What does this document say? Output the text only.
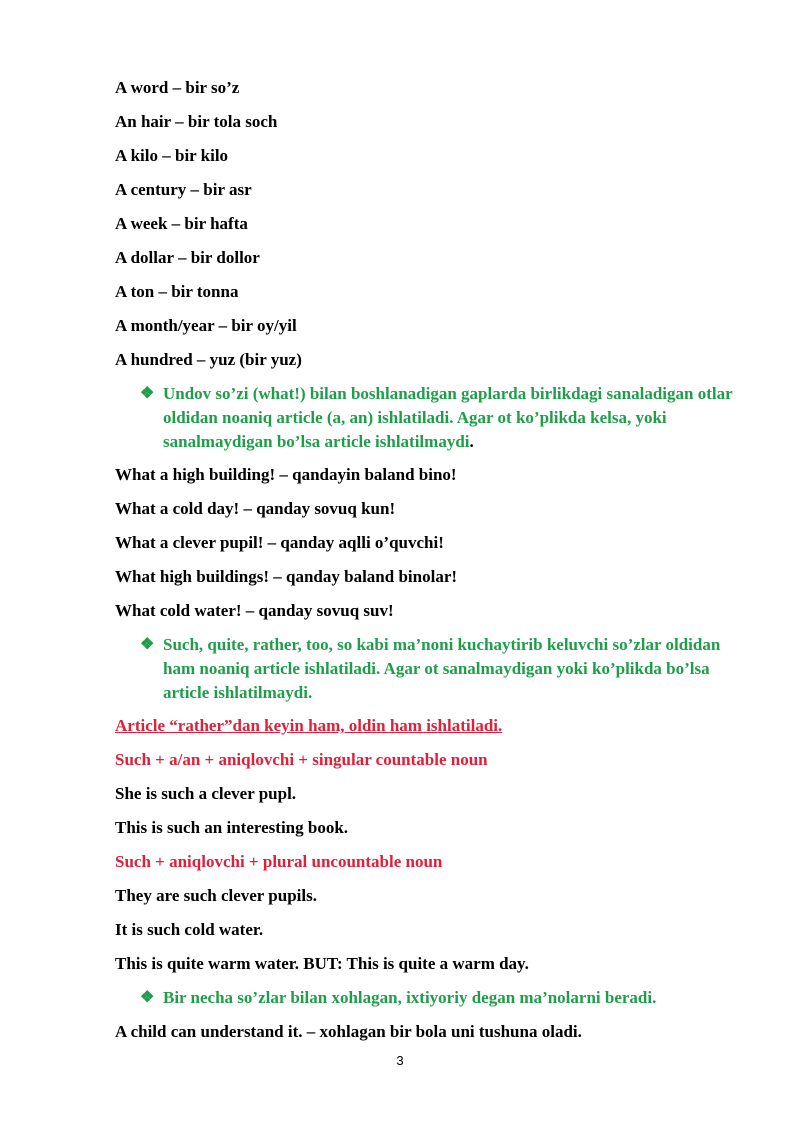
A word – bir so’z
An hair – bir tola soch
A kilo – bir kilo
A century – bir asr
A week – bir hafta
A dollar – bir dollor
A ton – bir tonna
A month/year – bir oy/yil
A hundred – yuz (bir yuz)
❖ Undov so’zi (what!) bilan boshlanadigan gaplarda birlikdagi sanaladigan otlar oldidan noaniq article (a, an) ishlatiladi. Agar ot ko’plikda kelsa, yoki sanalmaydigan bo’lsa article ishlatilmaydi.
What a high building! – qandayin baland bino!
What a cold day! – qanday sovuq kun!
What a clever pupil! – qanday aqlli o’quvchi!
What high buildings! – qanday baland binolar!
What cold water! – qanday sovuq suv!
❖ Such, quite, rather, too, so kabi ma’noni kuchaytirib keluvchi so’zlar oldidan ham noaniq article ishlatiladi. Agar ot sanalmaydigan yoki ko’plikda bo’lsa article ishlatilmaydi.
Article “rather”dan keyin ham, oldin ham ishlatiladi.
Such + a/an + aniqlovchi + singular countable noun
She is such a clever pupl.
This is such an interesting book.
Such + aniqlovchi + plural uncountable noun
They are such clever pupils.
It is such cold water.
This is quite warm water. BUT: This is quite a warm day.
❖ Bir necha so’zlar bilan xohlagan, ixtiyoriy degan ma’nolarni beradi.
A child can understand it. – xohlagan bir bola uni tushuna oladi.
3
